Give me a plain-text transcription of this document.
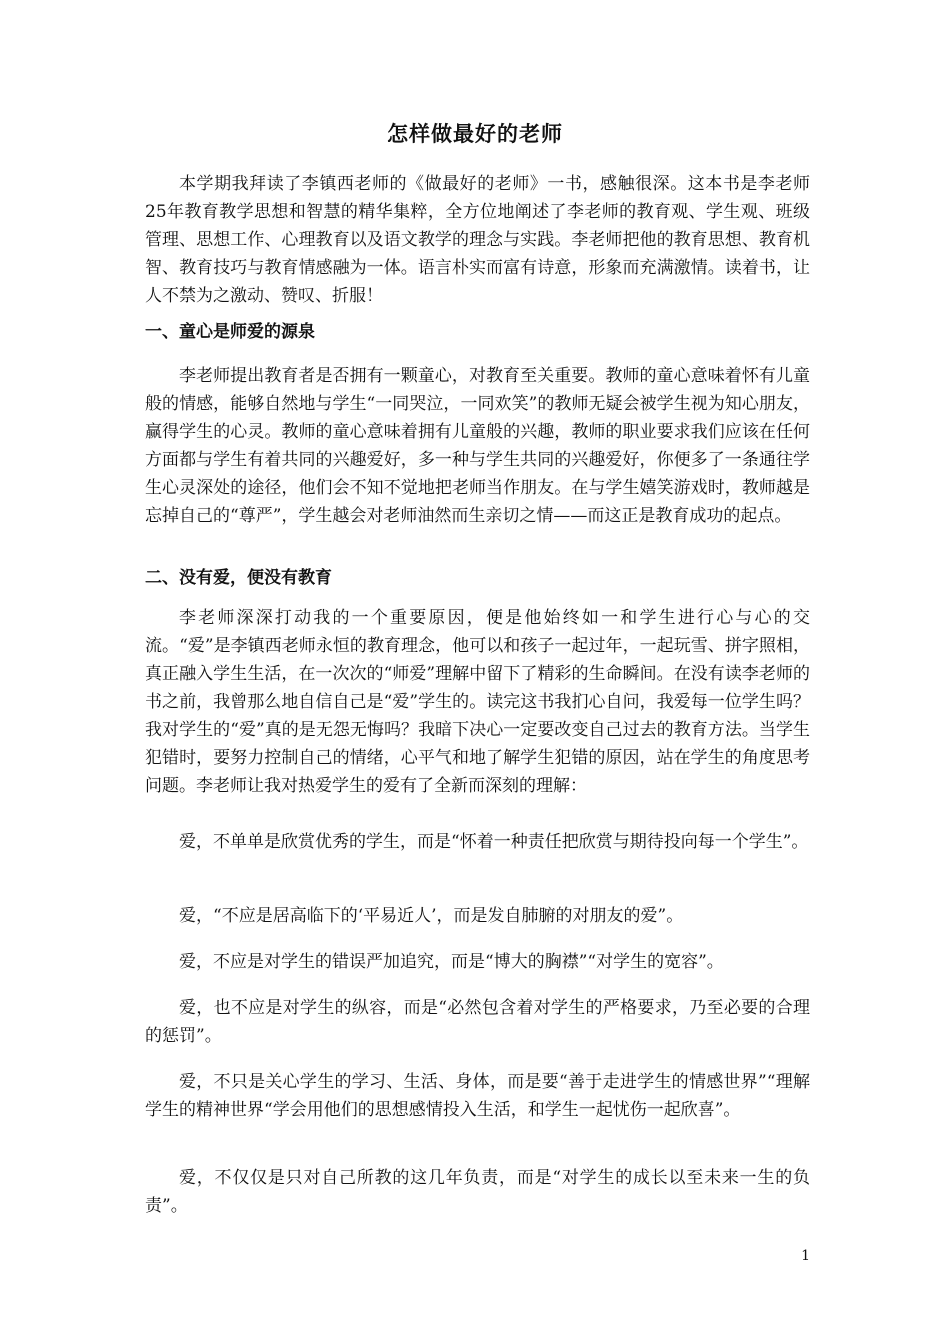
怎样做最好的老师
本学期我拜读了李镇西老师的《做最好的老师》一书，感触很深。这本书是李老师25年教育教学思想和智慧的精华集粹，全方位地阐述了李老师的教育观、学生观、班级管理、思想工作、心理教育以及语文教学的理念与实践。李老师把他的教育思想、教育机智、教育技巧与教育情感融为一体。语言朴实而富有诗意，形象而充满激情。读着书，让人不禁为之激动、赞叹、折服！
一、童心是师爱的源泉
李老师提出教育者是否拥有一颗童心，对教育至关重要。教师的童心意味着怀有儿童般的情感，能够自然地与学生“一同哭泣，一同欢笑”的教师无疑会被学生视为知心朋友，赢得学生的心灵。教师的童心意味着拥有儿童般的兴趣，教师的职业要求我们应该在任何方面都与学生有着共同的兴趣爱好，多一种与学生共同的兴趣爱好，你便多了一条通往学生心灵深处的途径，他们会不知不觉地把老师当作朋友。在与学生嬉笑游戏时，教师越是忘掉自己的“尊严”，学生越会对老师油然而生亲切之情——而这正是教育成功的起点。
二、没有爱，便没有教育
李老师深深打动我的一个重要原因，便是他始终如一和学生进行心与心的交流。“爱”是李镇西老师永恒的教育理念，他可以和孩子一起过年，一起玩雪、拼字照相，真正融入学生生活，在一次次的“师爱”理解中留下了精彩的生命瞬间。在没有读李老师的书之前，我曾那么地自信自己是“爱”学生的。读完这书我扪心自问，我爱每一位学生吗？我对学生的“爱”真的是无怨无悔吗？我暗下决心一定要改变自己过去的教育方法。当学生犯错时，要努力控制自己的情绪，心平气和地了解学生犯错的原因，站在学生的角度思考问题。李老师让我对热爱学生的爱有了全新而深刻的理解：
爱，不单单是欣赏优秀的学生，而是“怀着一种责任把欣赏与期待投向每一个学生”。
爱，“不应是居高临下的‘平易近人’，而是发自肺腑的对朋友的爱”。
爱，不应是对学生的错误严加追究，而是“博大的胸襟”“对学生的宽容”。
爱，也不应是对学生的纵容，而是“必然包含着对学生的严格要求，乃至必要的合理的惩罚”。
爱，不只是关心学生的学习、生活、身体，而是要“善于走进学生的情感世界”“理解学生的精神世界“学会用他们的思想感情投入生活，和学生一起忧伤一起欣喜”。
爱，不仅仅是只对自己所教的这几年负责，而是“对学生的成长以至未来一生的负责”。
1
